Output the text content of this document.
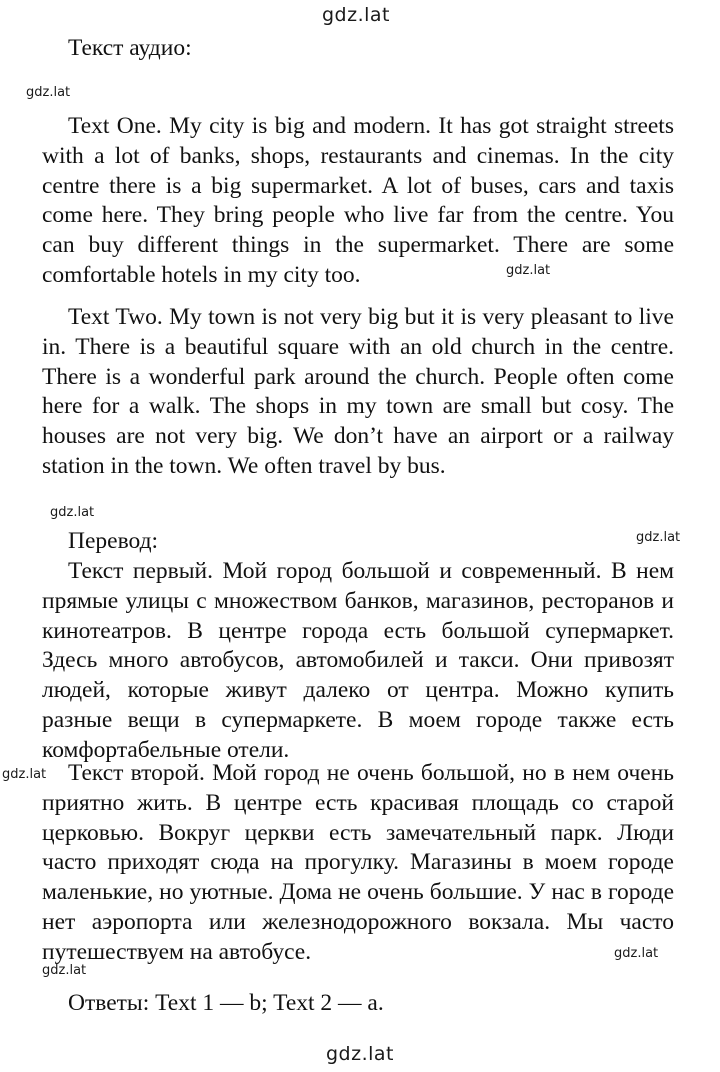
gdz.lat
gdz.lat
gdz.lat
gdz.lat
gdz.lat
gdz.lat
gdz.lat
gdz.lat
gdz.lat

Текст аудио:

Text One. My city is big and modern. It has got straight streets with a lot of banks, shops, restaurants and cinemas. In the city centre there is a big supermarket. A lot of buses, cars and taxis come here. They bring people who live far from the centre. You can buy different things in the supermarket. There are some comfortable hotels in my city too.

Text Two. My town is not very big but it is very pleasant to live in. There is a beautiful square with an old church in the centre. There is a wonderful park around the church. People often come here for a walk. The shops in my town are small but cosy. The houses are not very big. We don’t have an airport or a railway station in the town. We often travel by bus.

Перевод:

Текст первый. Мой город большой и современный. В нем прямые улицы с множеством банков, магазинов, ресторанов и кинотеатров. В центре города есть большой супермаркет. Здесь много автобусов, автомобилей и такси. Они привозят людей, которые живут далеко от центра. Можно купить разные вещи в супермаркете. В моем городе также есть комфортабельные отели.

Текст второй. Мой город не очень большой, но в нем очень приятно жить. В центре есть красивая площадь со старой церковью. Вокруг церкви есть замечательный парк. Люди часто приходят сюда на прогулку. Магазины в моем городе маленькие, но уютные. Дома не очень большие. У нас в городе нет аэропорта или железнодорожного вокзала. Мы часто путешествуем на автобусе.

Ответы: Text 1 — b; Text 2 — a.
